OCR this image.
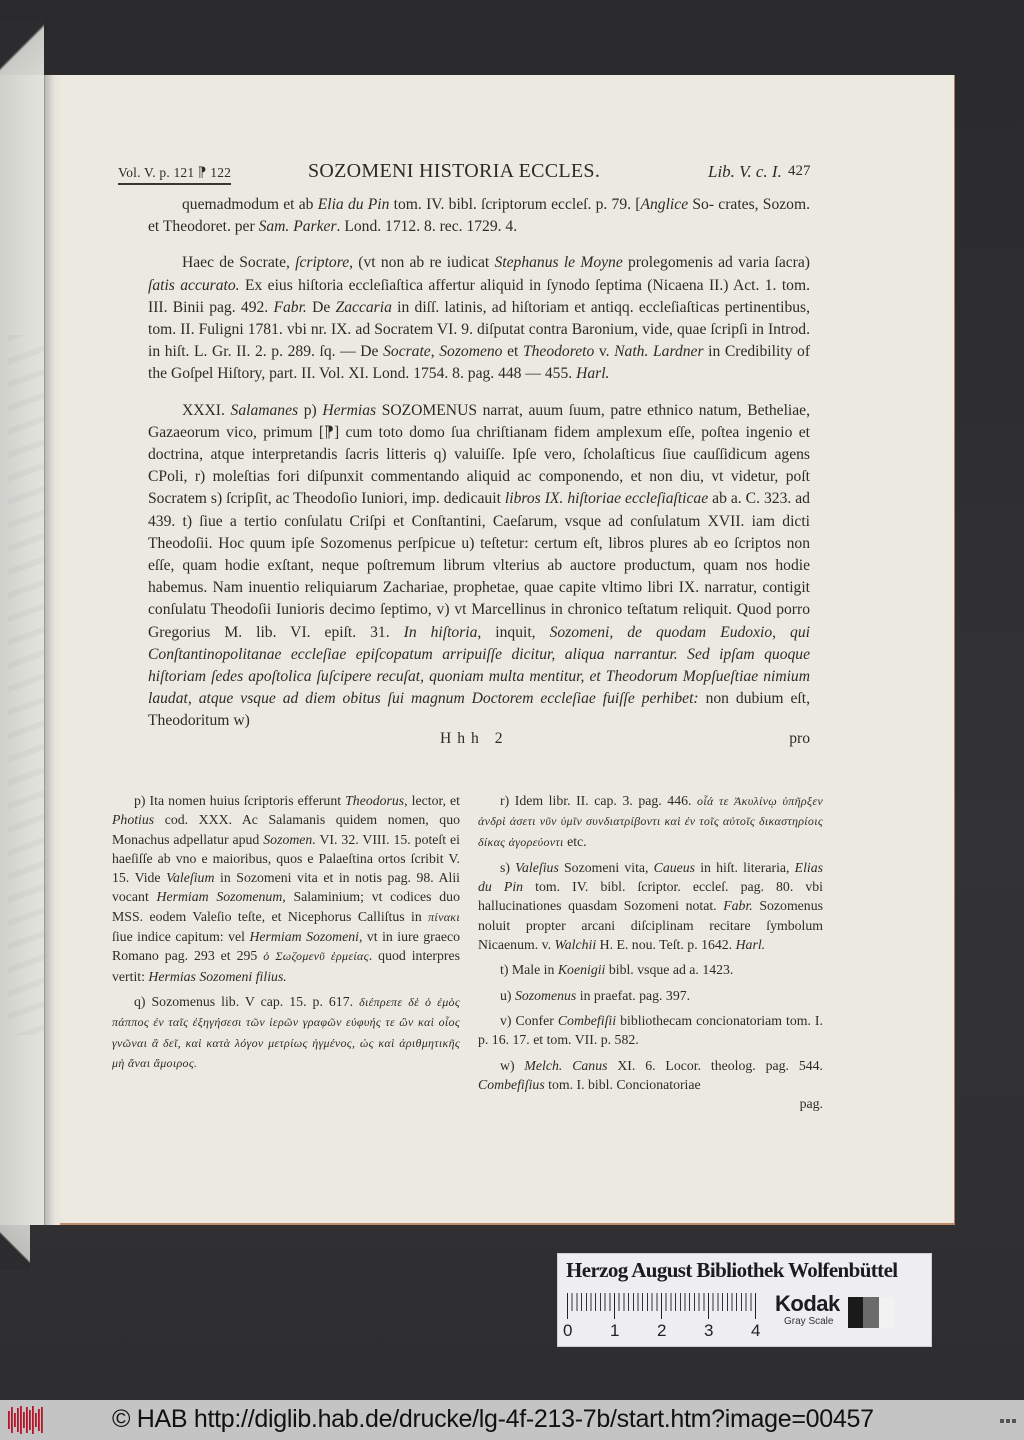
Vol. V. p. 121 ⁋ 122	SOZOMENI HISTORIA ECCLES.	Lib. V. c. I. 427

quemadmodum et ab Elia du Pin tom. IV. bibl. ſcriptorum eccleſ. p. 79. [Anglice So- crates, Sozom. et Theodoret. per Sam. Parker. Lond. 1712. 8. rec. 1729. 4.

Haec de Socrate, ſcriptore, (vt non ab re iudicat Stephanus le Moyne prolegomenis ad varia ſacra) ſatis accurato. Ex eius hiſtoria eccleſiaſtica affertur aliquid in ſynodo ſeptima (Nicaena II.) Act. 1. tom. III. Binii pag. 492. Fabr. De Zaccaria in diſſ. latinis, ad hiſtoriam et antiqq. eccleſiaſticas pertinentibus, tom. II. Fuligni 1781. vbi nr. IX. ad Socratem VI. 9. diſputat contra Baronium, vide, quae ſcripſi in Introd. in hiſt. L. Gr. II. 2. p. 289. ſq. — De Socrate, Sozomeno et Theodoreto v. Nath. Lardner in Credibility of the Goſpel Hiſtory, part. II. Vol. XI. Lond. 1754. 8. pag. 448 — 455. Harl.

XXXI. Salamanes p) Hermias SOZOMENUS narrat, auum ſuum, patre ethnico natum, Betheliae, Gazaeorum vico, primum [⁋] cum toto domo ſua chriſtianam fidem amplexum eſſe, poſtea ingenio et doctrina, atque interpretandis ſacris litteris q) valuiſſe. Ipſe vero, ſcholaſticus ſiue cauſſidicum agens CPoli, r) moleſtias fori diſpunxit commentando aliquid ac componendo, et non diu, vt videtur, poſt Socratem s) ſcripſit, ac Theodoſio Iuniori, imp. dedicauit libros IX. hiſtoriae eccleſiaſticae ab a. C. 323. ad 439. t) ſiue a tertio conſulatu Criſpi et Conſtantini, Caeſarum, vsque ad conſulatum XVII. iam dicti Theodoſii. Hoc quum ipſe Sozomenus perſpicue u) teſtetur: certum eſt, libros plures ab eo ſcriptos non eſſe, quam hodie exſtant, neque poſtremum librum vlterius ab auctore productum, quam nos hodie habemus. Nam inuentio reliquiarum Zachariae, prophetae, quae capite vltimo libri IX. narratur, contigit conſulatu Theodoſii Iunioris decimo ſeptimo, v) vt Marcellinus in chronico teſtatum reliquit. Quod porro Gregorius M. lib. VI. epiſt. 31. In hiſtoria, inquit, Sozomeni, de quodam Eudoxio, qui Conſtantinopolitanae eccleſiae epiſcopatum arripuiſſe dicitur, aliqua narrantur. Sed ipſam quoque hiſtoriam ſedes apoſtolica ſuſcipere recuſat, quoniam multa mentitur, et Theodorum Mopſueſtiae nimium laudat, atque vsque ad diem obitus ſui magnum Doctorem eccleſiae fuiſſe perhibet: non dubium eſt, Theodoritum w)

Hhh 2	pro

p) Ita nomen huius ſcriptoris efferunt Theodorus, lector, et Photius cod. XXX. Ac Salamanis quidem nomen, quo Monachus adpellatur apud Sozomen. VI. 32. VIII. 15. poteſt ei haeſiſſe ab vno e maioribus, quos e Palaeſtina ortos ſcribit V. 15. Vide Valeſium in Sozomeni vita et in notis pag. 98. Alii vocant Hermiam Sozomenum, Salaminium; vt codices duo MSS. eodem Valeſio teſte, et Nicephorus Calliſtus in πίνακι ſiue indice capitum: vel Hermiam Sozomeni, vt in iure graeco Romano pag. 293 et 295 ὁ Σωζομενῦ ἑρμείας. quod interpres vertit: Hermias Sozomeni filius.

q) Sozomenus lib. V cap. 15. p. 617. διέπρεπε δὲ ὁ ἐμὸς πάππος ἐν ταῖς ἐξηγήσεσι τῶν ἱερῶν γραφῶν εὐφυής τε ὢν καὶ οἷος γνῶναι ἃ δεῖ, καὶ κατὰ λόγον μετρίως ἡγμένος, ὡς καὶ ἀριθμητικῆς μὴ ἄναι ἄμοιρος.

r) Idem libr. II. cap. 3. pag. 446. οἷά τε Ἀκυλίνῳ ὑπῆρξεν ἀνδρὶ ἀσετι νῦν ὑμῖν συνδιατρίβοντι καὶ ἐν τοῖς αὐτοῖς δικαστηρίοις δίκας ἀγορεύοντι etc.

s) Valeſius Sozomeni vita, Caueus in hiſt. literaria, Elias du Pin tom. IV. bibl. ſcriptor. eccleſ. pag. 80. vbi hallucinationes quasdam Sozomeni notat. Fabr. Sozomenus noluit propter arcani diſciplinam recitare ſymbolum Nicaenum. v. Walchii H. E. nou. Teſt. p. 1642. Harl.

t) Male in Koenigii bibl. vsque ad a. 1423.

u) Sozomenus in praefat. pag. 397.

v) Confer Combefiſii bibliothecam concionatoriam tom. I. p. 16. 17. et tom. VII. p. 582.

w) Melch. Canus XI. 6. Locor. theolog. pag. 544. Combefiſius tom. I. bibl. Concionatoriae

pag.
Herzog August Bibliothek Wolfenbüttel
0 1 2 3 4
Kodak
Gray Scale
© HAB http://diglib.hab.de/drucke/lg-4f-213-7b/start.htm?image=00457
